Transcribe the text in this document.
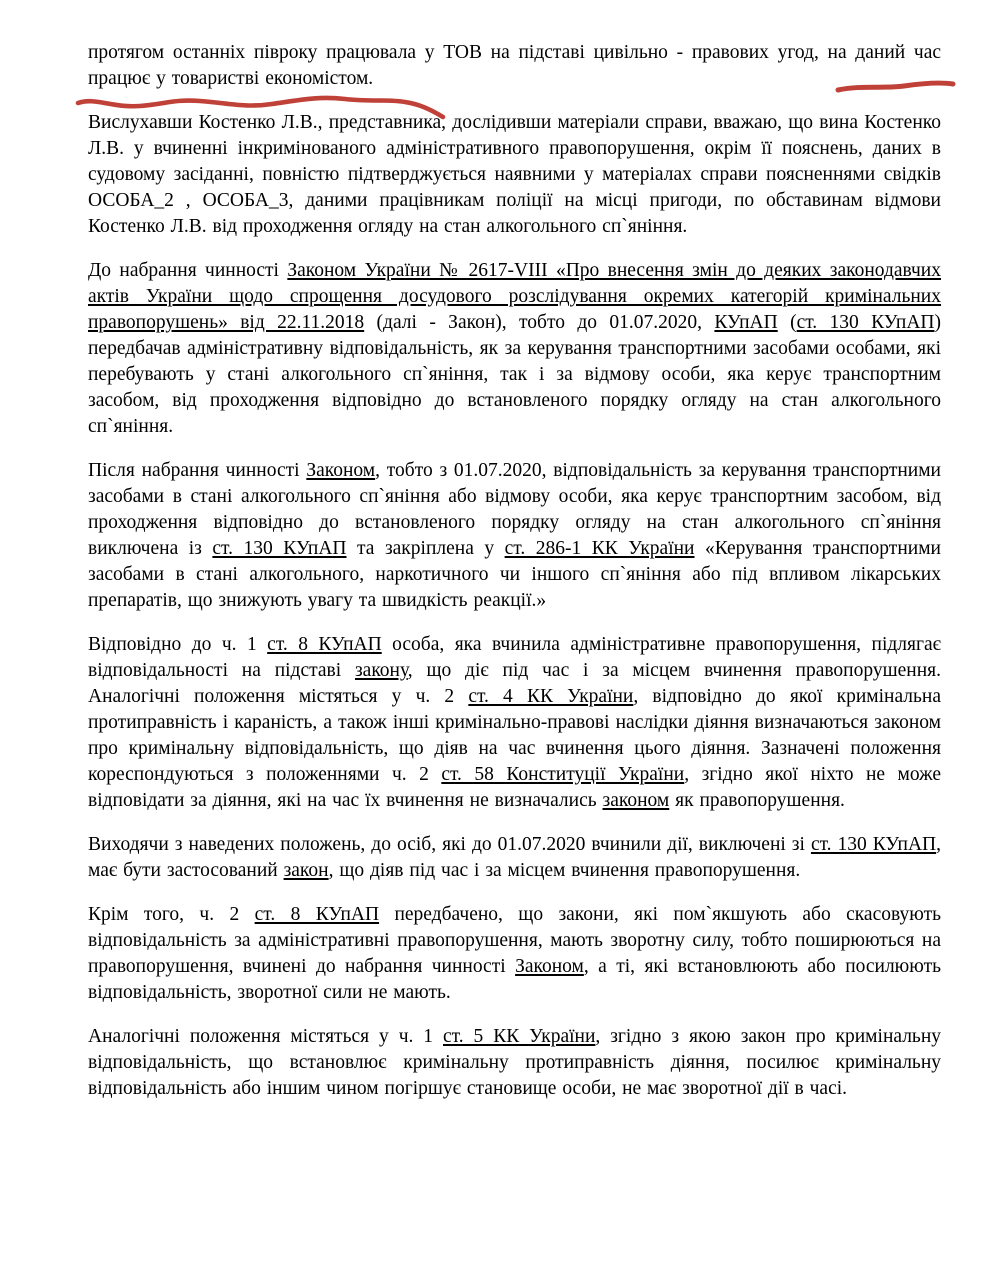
протягом останніх півроку працювала у ТОВ на підставі цивільно - правових угод, на даний час працює у товаристві економістом.

Вислухавши Костенко Л.В., представника, дослідивши матеріали справи, вважаю, що вина Костенко Л.В. у вчиненні інкримінованого адміністративного правопорушення, окрім її пояснень, даних в судовому засіданні, повністю підтверджується наявними у матеріалах справи поясненнями свідків ОСОБА_2 , ОСОБА_3, даними працівникам поліції на місці пригоди, по обставинам відмови Костенко Л.В. від проходження огляду на стан алкогольного сп`яніння.

До набрання чинності Законом України № 2617-VIII «Про внесення змін до деяких законодавчих актів України щодо спрощення досудового розслідування окремих категорій кримінальних правопорушень» від 22.11.2018 (далі - Закон), тобто до 01.07.2020, КУпАП (ст. 130 КУпАП) передбачав адміністративну відповідальність, як за керування транспортними засобами особами, які перебувають у стані алкогольного сп`яніння, так і за відмову особи, яка керує транспортним засобом, від проходження відповідно до встановленого порядку огляду на стан алкогольного сп`яніння.

Після набрання чинності Законом, тобто з 01.07.2020, відповідальність за керування транспортними засобами в стані алкогольного сп`яніння або відмову особи, яка керує транспортним засобом, від проходження відповідно до встановленого порядку огляду на стан алкогольного сп`яніння виключена із ст. 130 КУпАП та закріплена у ст. 286-1 КК України «Керування транспортними засобами в стані алкогольного, наркотичного чи іншого сп`яніння або під впливом лікарських препаратів, що знижують увагу та швидкість реакції.»

Відповідно до ч. 1 ст. 8 КУпАП особа, яка вчинила адміністративне правопорушення, підлягає відповідальності на підставі закону, що діє під час і за місцем вчинення правопорушення. Аналогічні положення містяться у ч. 2 ст. 4 КК України, відповідно до якої кримінальна протиправність і караність, а також інші кримінально-правові наслідки діяння визначаються законом про кримінальну відповідальність, що діяв на час вчинення цього діяння. Зазначені положення кореспондуються з положеннями ч. 2 ст. 58 Конституції України, згідно якої ніхто не може відповідати за діяння, які на час їх вчинення не визначались законом як правопорушення.

Виходячи з наведених положень, до осіб, які до 01.07.2020 вчинили дії, виключені зі ст. 130 КУпАП, має бути застосований закон, що діяв під час і за місцем вчинення правопорушення.

Крім того, ч. 2 ст. 8 КУпАП передбачено, що закони, які пом`якшують або скасовують відповідальність за адміністративні правопорушення, мають зворотну силу, тобто поширюються на правопорушення, вчинені до набрання чинності Законом, а ті, які встановлюють або посилюють відповідальність, зворотної сили не мають.

Аналогічні положення містяться у ч. 1 ст. 5 КК України, згідно з якою закон про кримінальну відповідальність, що встановлює кримінальну протиправність діяння, посилює кримінальну відповідальність або іншим чином погіршує становище особи, не має зворотної дії в часі.
